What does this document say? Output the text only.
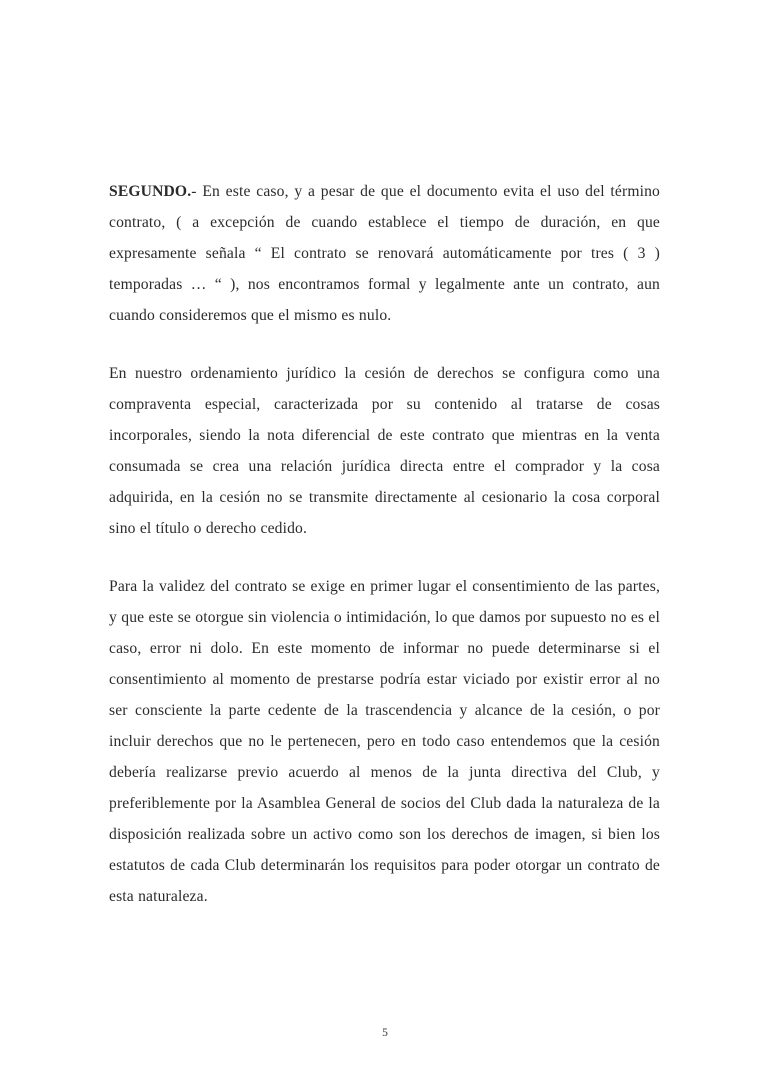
SEGUNDO.- En este caso, y a pesar de que el documento evita el uso del término contrato, ( a excepción de cuando establece el tiempo de duración, en que expresamente señala “ El contrato se renovará automáticamente por tres ( 3 ) temporadas … “ ), nos encontramos formal y legalmente ante un contrato, aun cuando consideremos que el mismo es nulo.

En nuestro ordenamiento jurídico la cesión de derechos se configura como una compraventa especial, caracterizada por su contenido al tratarse de cosas incorporales, siendo la nota diferencial de este contrato que mientras en la venta consumada se crea una relación jurídica directa entre el comprador y la cosa adquirida, en la cesión no se transmite directamente al cesionario la cosa corporal sino el título o derecho cedido.

Para la validez del contrato se exige en primer lugar el consentimiento de las partes, y que este se otorgue sin violencia o intimidación, lo que damos por supuesto no es el caso, error ni dolo. En este momento de informar no puede determinarse si el consentimiento al momento de prestarse podría estar viciado por existir error al no ser consciente la parte cedente de la trascendencia y alcance de la cesión, o por incluir derechos que no le pertenecen, pero en todo caso entendemos que la cesión debería realizarse previo acuerdo al menos de la junta directiva del Club, y preferiblemente por la Asamblea General de socios del Club dada la naturaleza de la disposición realizada sobre un activo como son los derechos de imagen, si bien los estatutos de cada Club determinarán los requisitos para poder otorgar un contrato de esta naturaleza.

5
